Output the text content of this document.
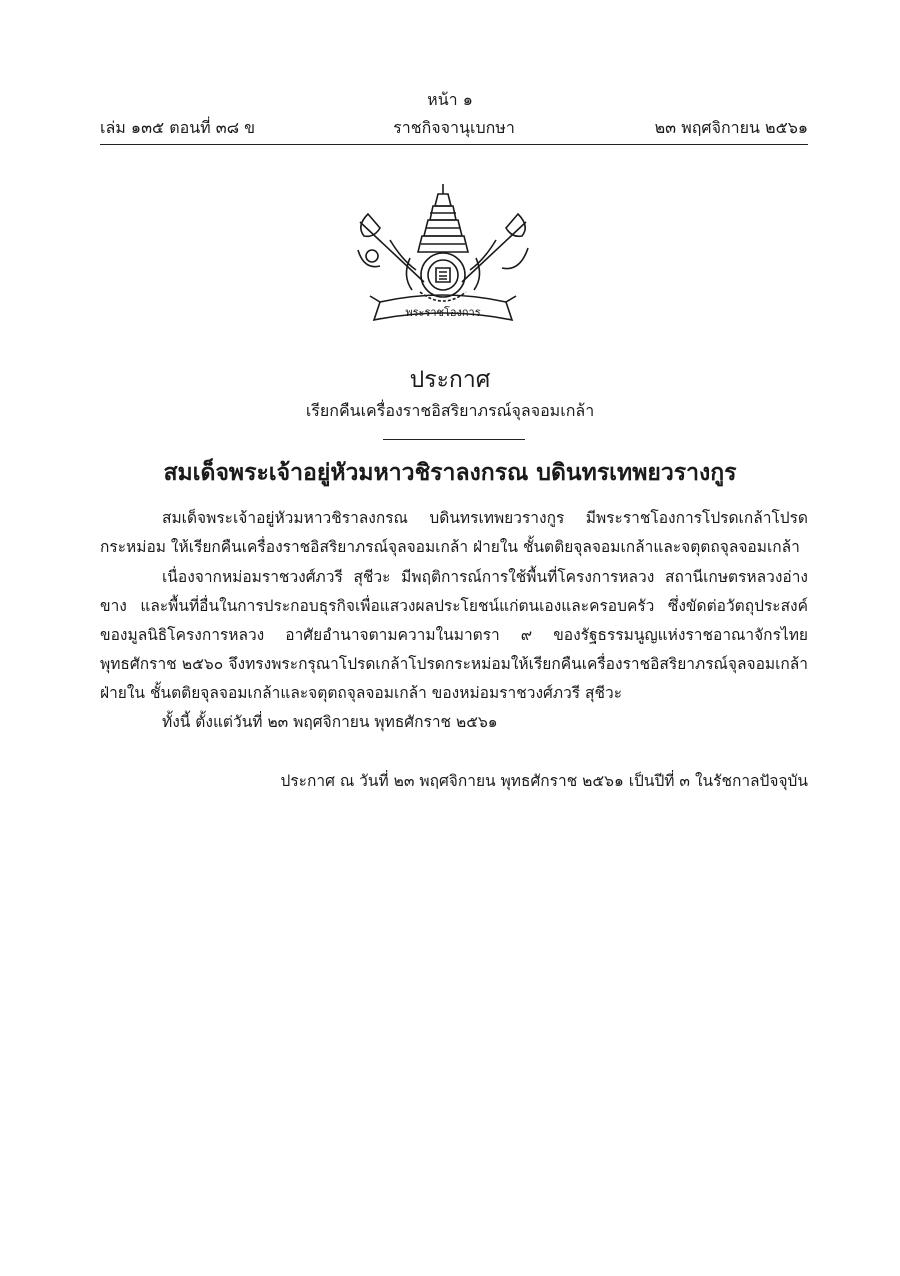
หน้า ๑
เล่ม ๑๓๕ ตอนที่ ๓๘ ข	ราชกิจจานุเบกษา	๒๓ พฤศจิกายน ๒๕๖๑
พระราชโองการ
ประกาศ
เรียกคืนเครื่องราชอิสริยาภรณ์จุลจอมเกล้า
สมเด็จพระเจ้าอยู่หัวมหาวชิราลงกรณ บดินทรเทพยวรางกูร

สมเด็จพระเจ้าอยู่หัวมหาวชิราลงกรณ บดินทรเทพยวรางกูร มีพระราชโองการโปรดเกล้าโปรดกระหม่อม ให้เรียกคืนเครื่องราชอิสริยาภรณ์จุลจอมเกล้า ฝ่ายใน ชั้นตติยจุลจอมเกล้าและจตุตถจุลจอมเกล้า

เนื่องจากหม่อมราชวงศ์ภวรี สุชีวะ มีพฤติการณ์การใช้พื้นที่โครงการหลวง สถานีเกษตรหลวงอ่างขาง และพื้นที่อื่นในการประกอบธุรกิจเพื่อแสวงผลประโยชน์แก่ตนเองและครอบครัว ซึ่งขัดต่อวัตถุประสงค์ ของมูลนิธิโครงการหลวง อาศัยอำนาจตามความในมาตรา ๙ ของรัฐธรรมนูญแห่งราชอาณาจักรไทย พุทธศักราช ๒๕๖๐ จึงทรงพระกรุณาโปรดเกล้าโปรดกระหม่อมให้เรียกคืนเครื่องราชอิสริยาภรณ์จุลจอมเกล้า ฝ่ายใน ชั้นตติยจุลจอมเกล้าและจตุตถจุลจอมเกล้า ของหม่อมราชวงศ์ภวรี สุชีวะ

ทั้งนี้ ตั้งแต่วันที่ ๒๓ พฤศจิกายน พุทธศักราช ๒๕๖๑

ประกาศ ณ วันที่ ๒๓ พฤศจิกายน พุทธศักราช ๒๕๖๑ เป็นปีที่ ๓ ในรัชกาลปัจจุบัน
